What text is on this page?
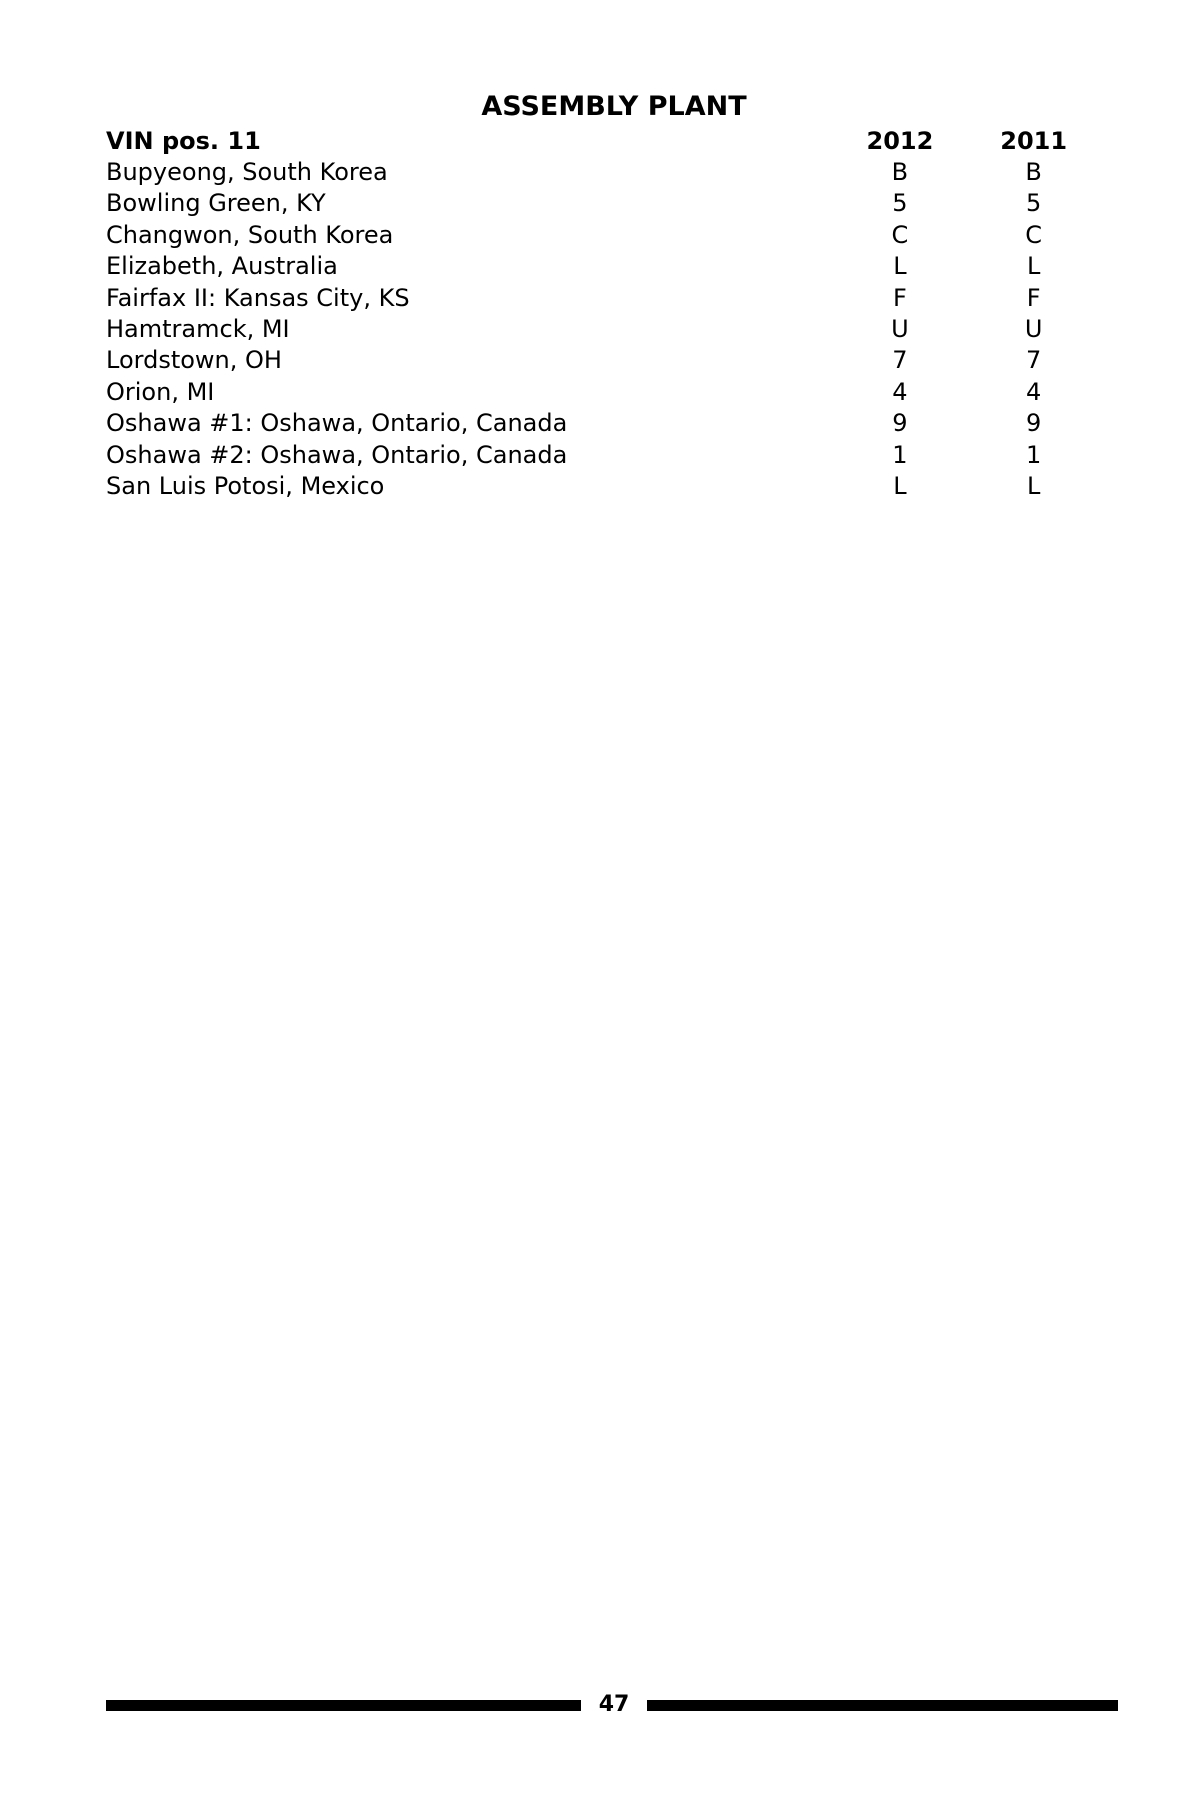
ASSEMBLY PLANT
VIN pos. 11	2012	2011
Bupyeong, South Korea	B	B
Bowling Green, KY	5	5
Changwon, South Korea	C	C
Elizabeth, Australia	L	L
Fairfax II: Kansas City, KS	F	F
Hamtramck, MI	U	U
Lordstown, OH	7	7
Orion, MI	4	4
Oshawa #1: Oshawa, Ontario, Canada	9	9
Oshawa #2: Oshawa, Ontario, Canada	1	1
San Luis Potosi, Mexico	L	L
47
